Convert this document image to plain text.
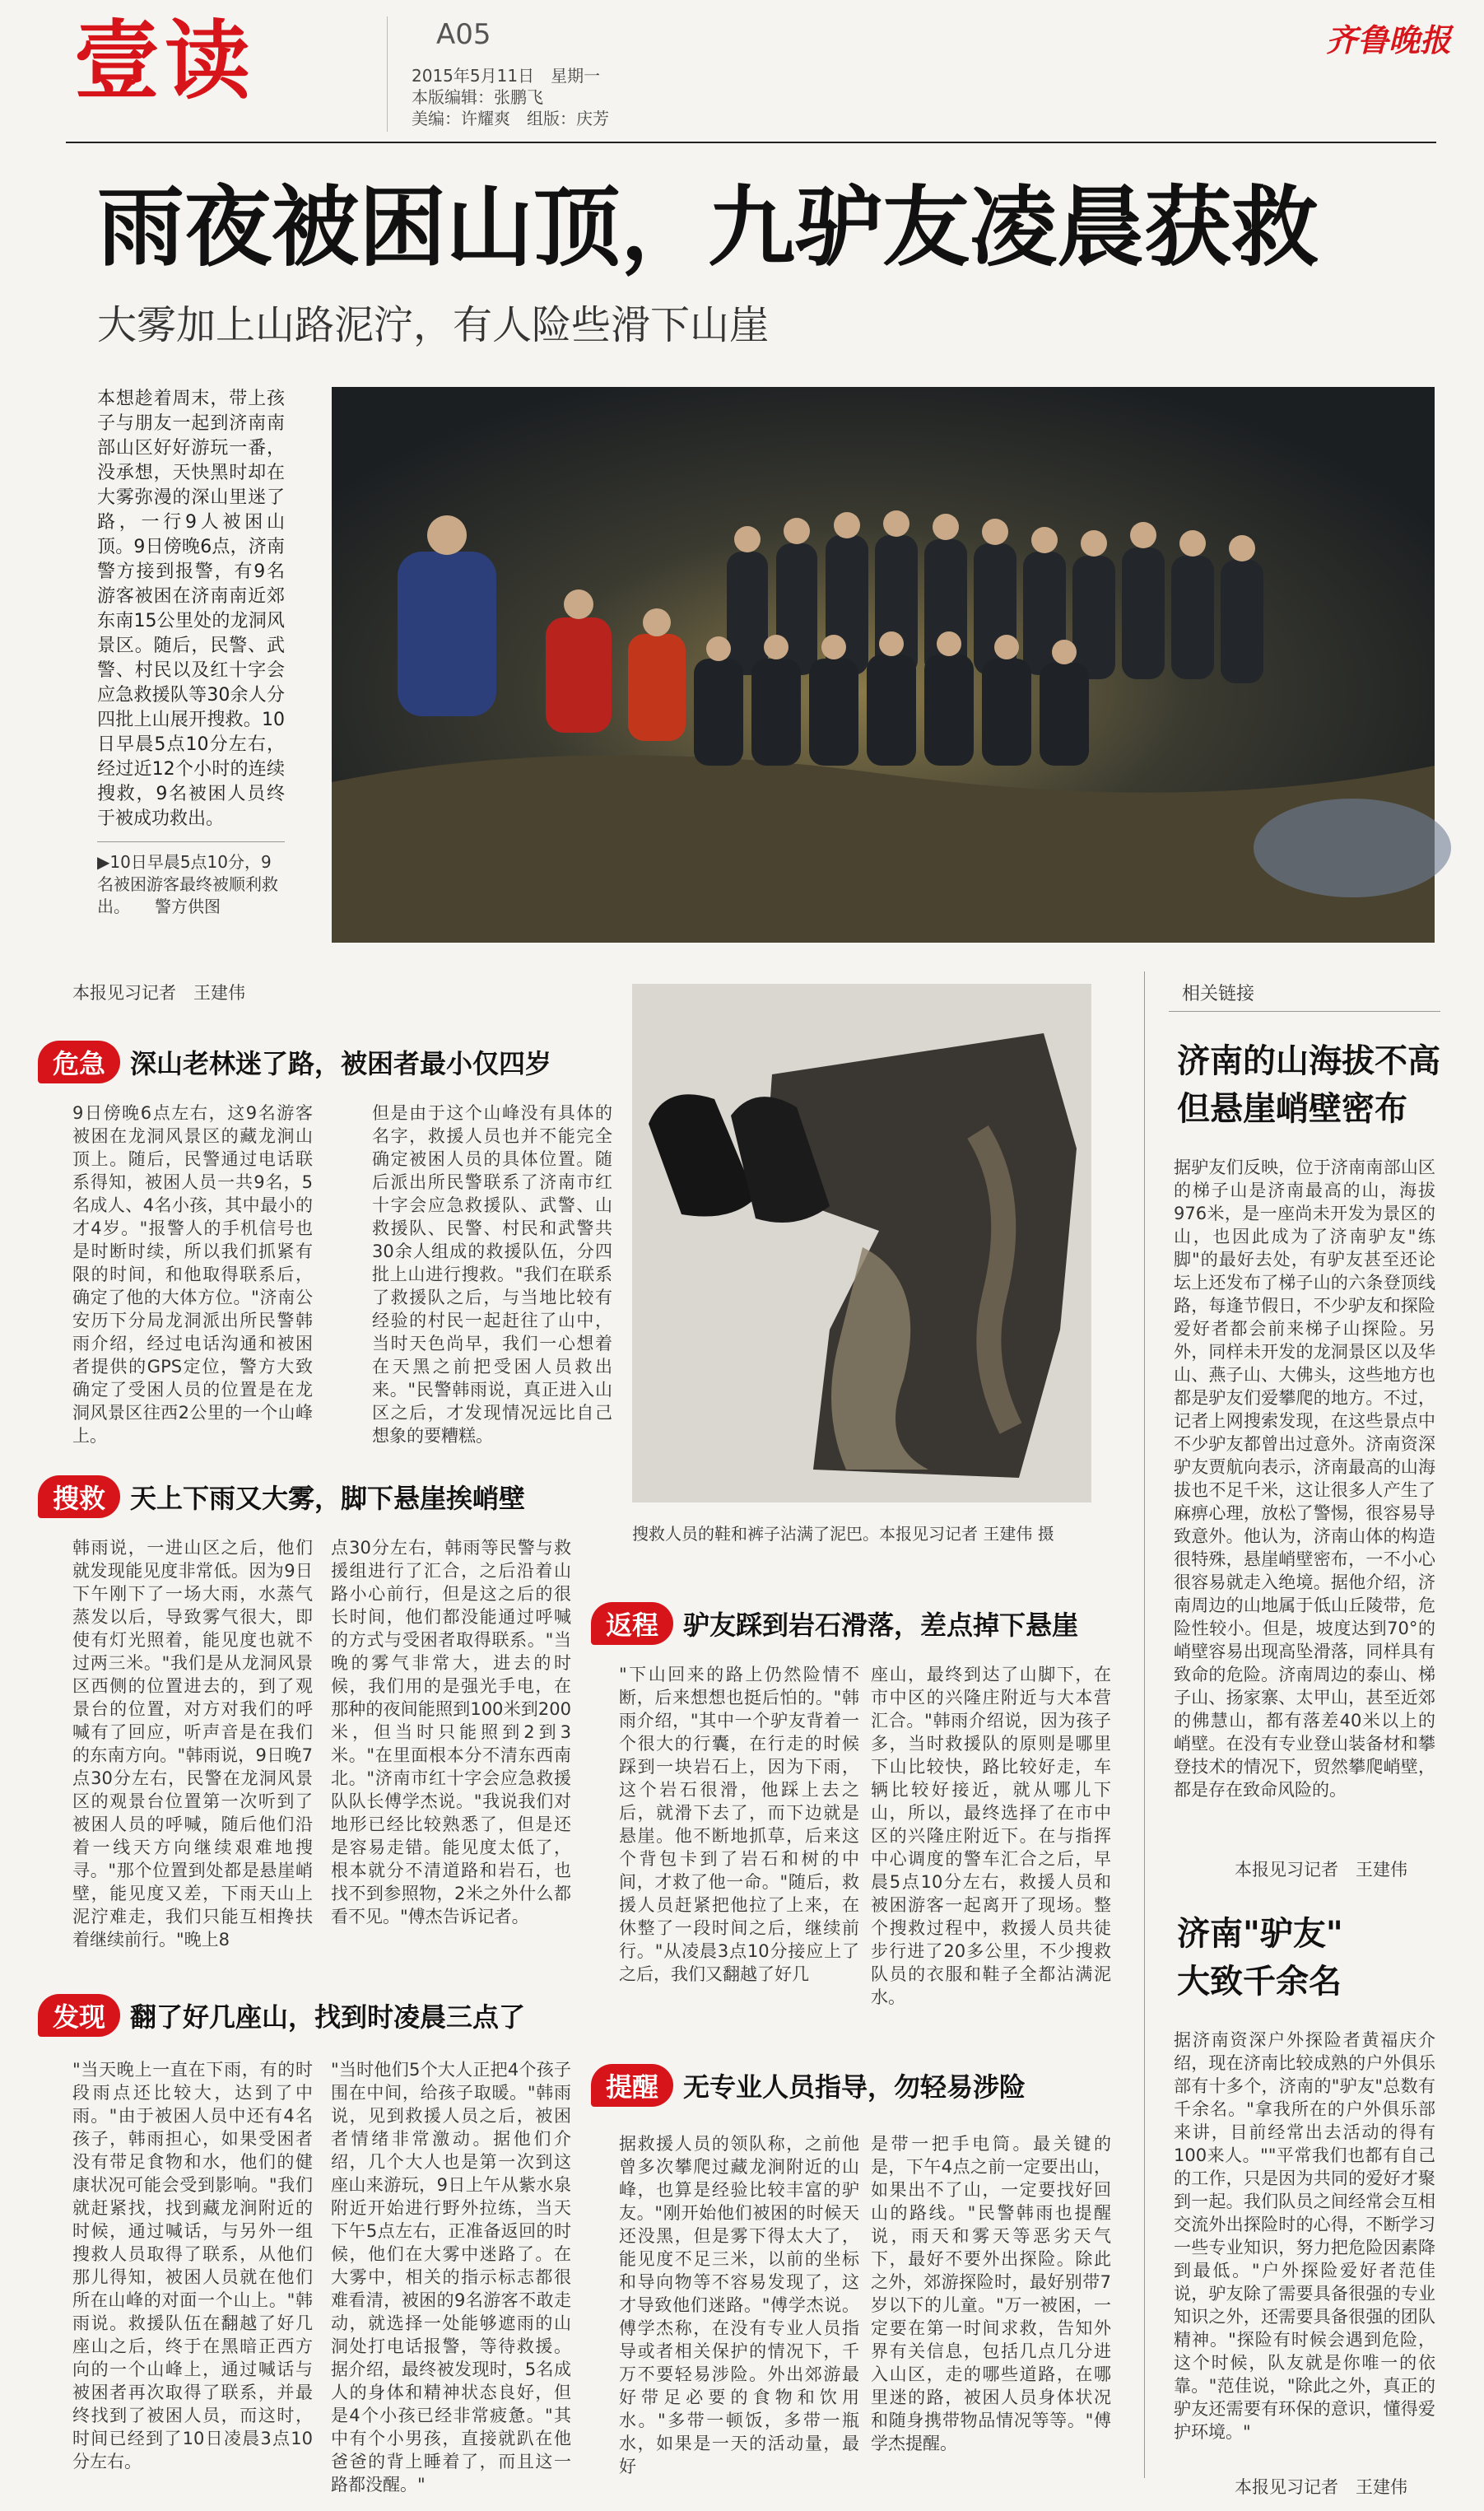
壹读	A05
2015年5月11日　星期一
本版编辑：张鹏飞
美编：许耀爽　组版：庆芳
齐鲁晚报
雨夜被困山顶，九驴友凌晨获救
大雾加上山路泥泞，有人险些滑下山崖
本想趁着周末，带上孩子与朋友一起到济南南部山区好好游玩一番，没承想，天快黑时却在大雾弥漫的深山里迷了路，一行9人被困山顶。9日傍晚6点，济南警方接到报警，有9名游客被困在济南南近郊东南15公里处的龙洞风景区。随后，民警、武警、村民以及红十字会应急救援队等30余人分四批上山展开搜救。10日早晨5点10分左右，经过近12个小时的连续搜救，9名被困人员终于被成功救出。
▶10日早晨5点10分，9名被困游客最终被顺利救出。　　警方供图
本报见习记者　王建伟
危急 深山老林迷了路，被困者最小仅四岁
9日傍晚6点左右，这9名游客被困在龙洞风景区的藏龙涧山顶上。随后，民警通过电话联系得知，被困人员一共9名，5名成人、4名小孩，其中最小的才4岁。"报警人的手机信号也是时断时续，所以我们抓紧有限的时间，和他取得联系后，确定了他的大体方位。"济南公安历下分局龙洞派出所民警韩雨介绍，经过电话沟通和被困者提供的GPS定位，警方大致确定了受困人员的位置是在龙洞风景区往西2公里的一个山峰上。
但是由于这个山峰没有具体的名字，救援人员也并不能完全确定被困人员的具体位置。随后派出所民警联系了济南市红十字会应急救援队、武警、山救援队、民警、村民和武警共30余人组成的救援队伍，分四批上山进行搜救。"我们在联系了救援队之后，与当地比较有经验的村民一起赶往了山中，当时天色尚早，我们一心想着在天黑之前把受困人员救出来。"民警韩雨说，真正进入山区之后，才发现情况远比自己想象的要糟糕。
搜救 天上下雨又大雾，脚下悬崖挨峭壁
韩雨说，一进山区之后，他们就发现能见度非常低。因为9日下午刚下了一场大雨，水蒸气蒸发以后，导致雾气很大，即使有灯光照着，能见度也就不过两三米。"我们是从龙洞风景区西侧的位置进去的，到了观景台的位置，对方对我们的呼喊有了回应，听声音是在我们的东南方向。"韩雨说，9日晚7点30分左右，民警在龙洞风景区的观景台位置第一次听到了被困人员的呼喊，随后他们沿着一线天方向继续艰难地搜寻。"那个位置到处都是悬崖峭壁，能见度又差，下雨天山上泥泞难走，我们只能互相搀扶着继续前行。"晚上8
点30分左右，韩雨等民警与救援组进行了汇合，之后沿着山路小心前行，但是这之后的很长时间，他们都没能通过呼喊的方式与受困者取得联系。"当晚的雾气非常大，进去的时候，我们用的是强光手电，在那种的夜间能照到100米到200米，但当时只能照到2到3米。"在里面根本分不清东西南北。"济南市红十字会应急救援队队长傅学杰说。"我说我们对地形已经比较熟悉了，但是还是容易走错。能见度太低了，根本就分不清道路和岩石，也找不到参照物，2米之外什么都看不见。"傅杰告诉记者。
发现 翻了好几座山，找到时凌晨三点了
"当天晚上一直在下雨，有的时段雨点还比较大，达到了中雨。"由于被困人员中还有4名孩子，韩雨担心，如果受困者没有带足食物和水，他们的健康状况可能会受到影响。"我们就赶紧找，找到藏龙涧附近的时候，通过喊话，与另外一组搜救人员取得了联系，从他们那儿得知，被困人员就在他们所在山峰的对面一个山上。"韩雨说。救援队伍在翻越了好几座山之后，终于在黑暗正西方向的一个山峰上，通过喊话与被困者再次取得了联系，并最终找到了被困人员，而这时，时间已经到了10日凌晨3点10分左右。
"当时他们5个大人正把4个孩子围在中间，给孩子取暖。"韩雨说，见到救援人员之后，被困者情绪非常激动。据他们介绍，几个大人也是第一次到这座山来游玩，9日上午从紫水泉附近开始进行野外拉练，当天下午5点左右，正准备返回的时候，他们在大雾中迷路了。在大雾中，相关的指示标志都很难看清，被困的9名游客不敢走动，就选择一处能够遮雨的山洞处打电话报警，等待救援。据介绍，最终被发现时，5名成人的身体和精神状态良好，但是4个小孩已经非常疲惫。"其中有个小男孩，直接就趴在他爸爸的背上睡着了，而且这一路都没醒。"
搜救人员的鞋和裤子沾满了泥巴。本报见习记者 王建伟 摄
返程 驴友踩到岩石滑落，差点掉下悬崖
"下山回来的路上仍然险情不断，后来想想也挺后怕的。"韩雨介绍，"其中一个驴友背着一个很大的行囊，在行走的时候踩到一块岩石上，因为下雨，这个岩石很滑，他踩上去之后，就滑下去了，而下边就是悬崖。他不断地抓草，后来这个背包卡到了岩石和树的中间，才救了他一命。"随后，救援人员赶紧把他拉了上来，在休整了一段时间之后，继续前行。"从凌晨3点10分接应上了之后，我们又翻越了好几
座山，最终到达了山脚下，在市中区的兴隆庄附近与大本营汇合。"韩雨介绍说，因为孩子多，当时救援队的原则是哪里下山比较快，路比较好走，车辆比较好接近，就从哪儿下山，所以，最终选择了在市中区的兴隆庄附近下。在与指挥中心调度的警车汇合之后，早晨5点10分左右，救援人员和被困游客一起离开了现场。整个搜救过程中，救援人员共徒步行进了20多公里，不少搜救队员的衣服和鞋子全都沾满泥水。
提醒 无专业人员指导，勿轻易涉险
据救援人员的领队称，之前他曾多次攀爬过藏龙涧附近的山峰，也算是经验比较丰富的驴友。"刚开始他们被困的时候天还没黑，但是雾下得太大了，能见度不足三米，以前的坐标和导向物等不容易发现了，这才导致他们迷路。"傅学杰说。傅学杰称，在没有专业人员指导或者相关保护的情况下，千万不要轻易涉险。外出郊游最好带足必要的食物和饮用水。"多带一顿饭，多带一瓶水，如果是一天的活动量，最好
是带一把手电筒。最关键的是，下午4点之前一定要出山，如果出不了山，一定要找好回山的路线。"民警韩雨也提醒说，雨天和雾天等恶劣天气下，最好不要外出探险。除此之外，郊游探险时，最好别带7岁以下的儿童。"万一被困，一定要在第一时间求救，告知外界有关信息，包括几点几分进入山区，走的哪些道路，在哪里迷的路，被困人员身体状况和随身携带物品情况等等。"傅学杰提醒。
相关链接
济南的山海拔不高
但悬崖峭壁密布
据驴友们反映，位于济南南部山区的梯子山是济南最高的山，海拔976米，是一座尚未开发为景区的山，也因此成为了济南驴友"练脚"的最好去处，有驴友甚至还论坛上还发布了梯子山的六条登顶线路，每逢节假日，不少驴友和探险爱好者都会前来梯子山探险。另外，同样未开发的龙洞景区以及华山、燕子山、大佛头，这些地方也都是驴友们爱攀爬的地方。不过，记者上网搜索发现，在这些景点中不少驴友都曾出过意外。济南资深驴友贾航向表示，济南最高的山海拔也不足千米，这让很多人产生了麻痹心理，放松了警惕，很容易导致意外。他认为，济南山体的构造很特殊，悬崖峭壁密布，一不小心很容易就走入绝境。据他介绍，济南周边的山地属于低山丘陵带，危险性较小。但是，坡度达到70°的峭壁容易出现高坠滑落，同样具有致命的危险。济南周边的泰山、梯子山、扬家寨、太甲山，甚至近郊的佛慧山，都有落差40米以上的峭壁。在没有专业登山装备材和攀登技术的情况下，贸然攀爬峭壁，都是存在致命风险的。
本报见习记者　王建伟
济南"驴友"
大致千余名
据济南资深户外探险者黄福庆介绍，现在济南比较成熟的户外俱乐部有十多个，济南的"驴友"总数有千余名。"拿我所在的户外俱乐部来讲，目前经常出去活动的得有100来人。""平常我们也都有自己的工作，只是因为共同的爱好才聚到一起。我们队员之间经常会互相交流外出探险时的心得，不断学习一些专业知识，努力把危险因素降到最低。"户外探险爱好者范佳说，驴友除了需要具备很强的专业知识之外，还需要具备很强的团队精神。"探险有时候会遇到危险，这个时候，队友就是你唯一的依靠。"范佳说，"除此之外，真正的驴友还需要有环保的意识，懂得爱护环境。"
本报见习记者　王建伟
